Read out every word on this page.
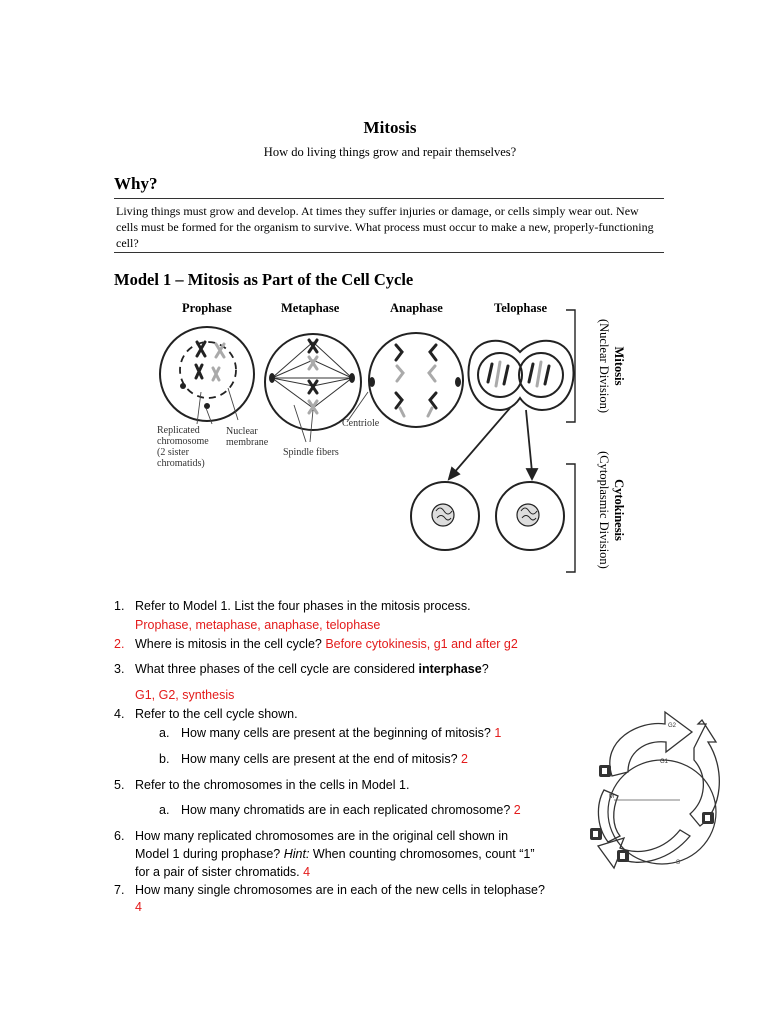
Mitosis
How do living things grow and repair themselves?
Why?
Living things must grow and develop. At times they suffer injuries or damage, or cells simply wear out. New cells must be formed for the organism to survive. What process must occur to make a new, properly-functioning cell?
Model 1 – Mitosis as Part of the Cell Cycle
Prophase	Metaphase	Anaphase	Telophase
Replicated
chromosome
(2 sister
chromatids)
Nuclear
membrane
Spindle fibers
Centriole
Mitosis
(Nuclear Division)
Cytokinesis
(Cytoplasmic Division)
G2
G1
M
S
1. Refer to Model 1. List the four phases in the mitosis process.
Prophase, metaphase, anaphase, telophase
2. Where is mitosis in the cell cycle? Before cytokinesis, g1 and after g2
3. What three phases of the cell cycle are considered interphase?
G1, G2, synthesis
4. Refer to the cell cycle shown.
a. How many cells are present at the beginning of mitosis? 1
b. How many cells are present at the end of mitosis? 2
5. Refer to the chromosomes in the cells in Model 1.
a. How many chromatids are in each replicated chromosome? 2
6. How many replicated chromosomes are in the original cell shown in
Model 1 during prophase? Hint: When counting chromosomes, count “1”
for a pair of sister chromatids. 4
7. How many single chromosomes are in each of the new cells in telophase?
4
